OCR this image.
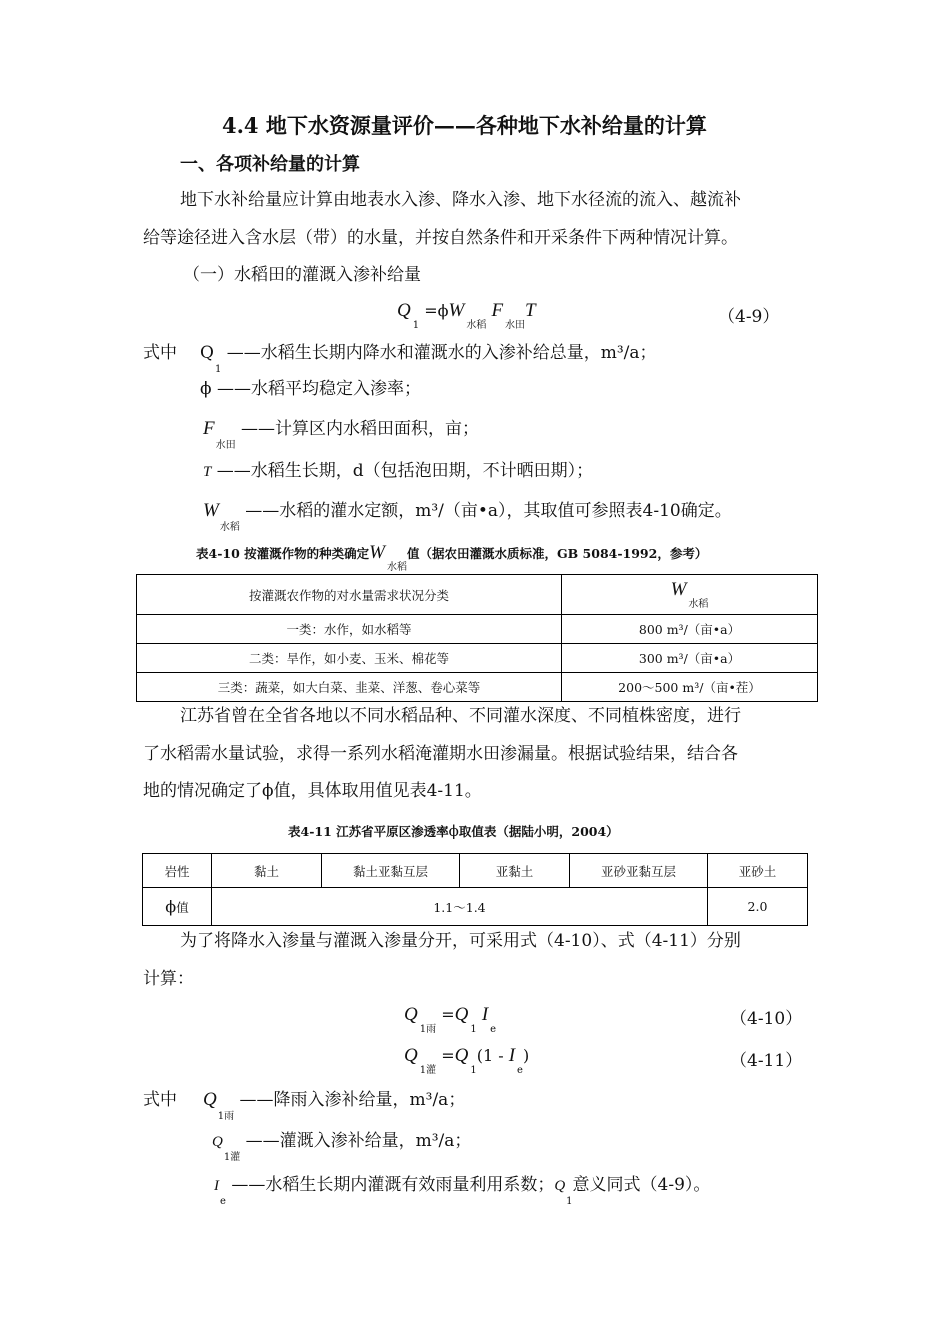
4.4 地下水资源量评价——各种地下水补给量的计算
一、各项补给量的计算
地下水补给量应计算由地表水入渗、降水入渗、地下水径流的流入、越流补
给等途径进入含水层（带）的水量，并按自然条件和开采条件下两种情况计算。
（一）水稻田的灌溉入渗补给量
$Q_1 =\phi W_{水稻}$ $F_{水田}T$	（4-9）
式中 $Q_1$ ——水稻生长期内降水和灌溉水的入渗补给总量，m³/a；
ϕ ——水稻平均稳定入渗率；
$F_{水田}$ ——计算区内水稻田面积，亩；
T ——水稻生长期，d（包括泡田期，不计晒田期）；
$W_{水稻}$ ——水稻的灌水定额，m³/（亩•a），其取值可参照表4-10确定。
表4-10 按灌溉作物的种类确定$W_{水稻}$值（据农田灌溉水质标准，GB 5084-1992，参考）
按灌溉农作物的对水量需求状况分类	$W_{水稻}$
一类：水作，如水稻等	800 m³/（亩•a）
二类：旱作，如小麦、玉米、棉花等	300 m³/（亩•a）
三类：蔬菜，如大白菜、韭菜、洋葱、卷心菜等	200～500 m³/（亩•茬）
江苏省曾在全省各地以不同水稻品种、不同灌水深度、不同植株密度，进行
了水稻需水量试验，求得一系列水稻淹灌期水田渗漏量。根据试验结果，结合各
地的情况确定了ϕ值，具体取用值见表4-11。
表4-11 江苏省平原区渗透率ϕ取值表（据陆小明，2004）
岩性	黏土	黏土亚黏互层	亚黏土	亚砂亚黏互层	亚砂土
ϕ值	1.1～1.4				2.0
为了将降水入渗量与灌溉入渗量分开，可采用式（4-10）、式（4-11）分别
计算：
$Q_{1雨} =Q_1$ $I_e$
（4-10）
$Q_{1灌} =Q_1(1 - I_e)$	（4-11）
式中 $Q_{1雨}$ ——降雨入渗补给量，m³/a；
$Q_{1灌}$ ——灌溉入渗补给量，m³/a；
$I_e$ ——水稻生长期内灌溉有效雨量利用系数；$Q_1$意义同式（4-9）。
